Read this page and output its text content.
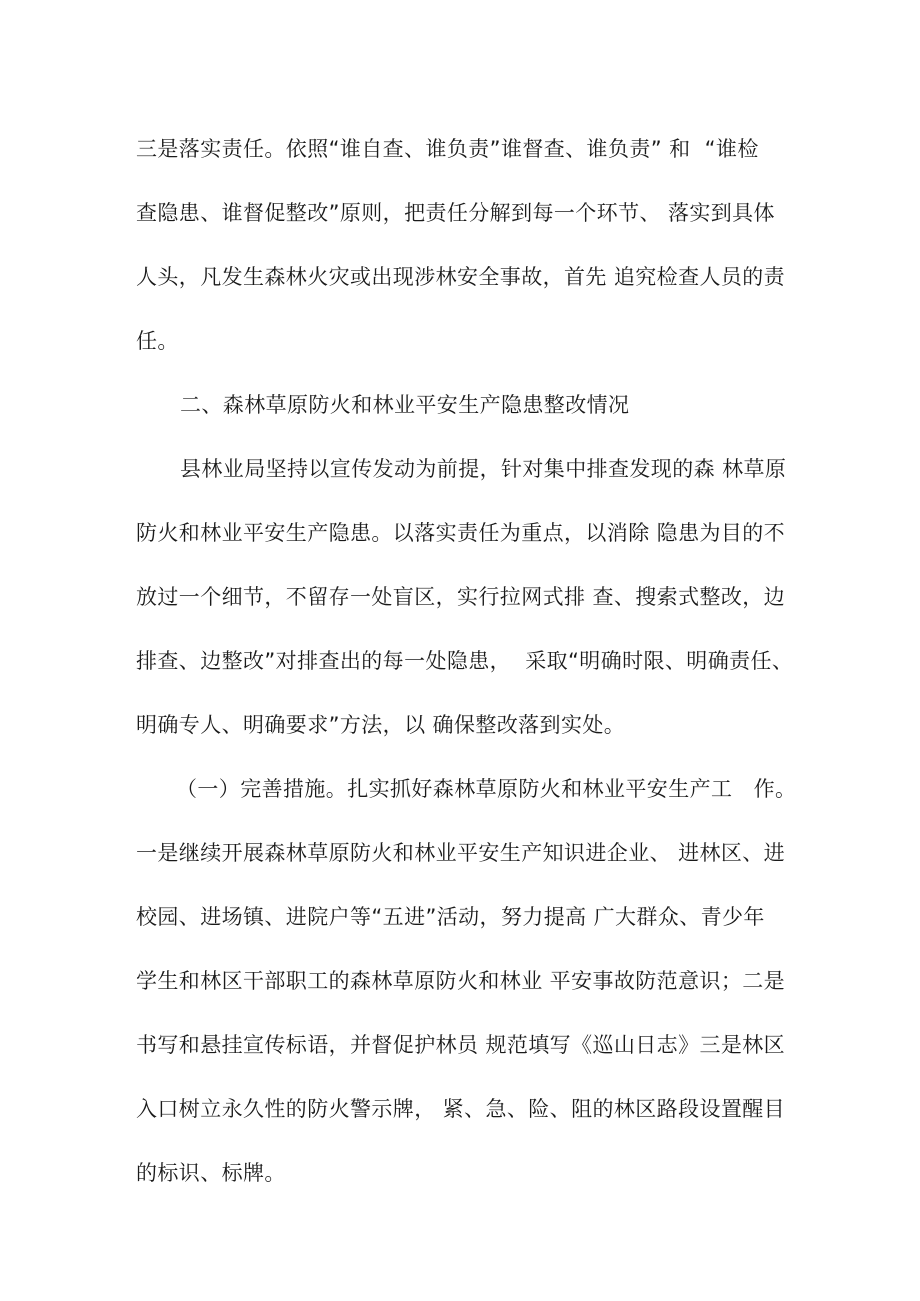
三是落实责任。依照“谁自查、谁负责”谁督查、谁负责” 和  “谁检
查隐患、谁督促整改”原则，把责任分解到每一个环节、 落实到具体
人头，凡发生森林火灾或出现涉林安全事故，首先 追究检查人员的责
任。
二、森林草原防火和林业平安生产隐患整改情况
县林业局坚持以宣传发动为前提，针对集中排查发现的森 林草原
防火和林业平安生产隐患。以落实责任为重点，以消除 隐患为目的不
放过一个细节，不留存一处盲区，实行拉网式排 查、搜索式整改，边
排查、边整改”对排查出的每一处隐患，  采取“明确时限、明确责任、
明确专人、明确要求”方法，以 确保整改落到实处。
（一）完善措施。扎实抓好森林草原防火和林业平安生产工   作。
一是继续开展森林草原防火和林业平安生产知识进企业、 进林区、进
校园、进场镇、进院户等“五进”活动，努力提高 广大群众、青少年
学生和林区干部职工的森林草原防火和林业 平安事故防范意识；二是
书写和悬挂宣传标语，并督促护林员 规范填写《巡山日志》三是林区
入口树立永久性的防火警示牌， 紧、急、险、阻的林区路段设置醒目
的标识、标牌。
